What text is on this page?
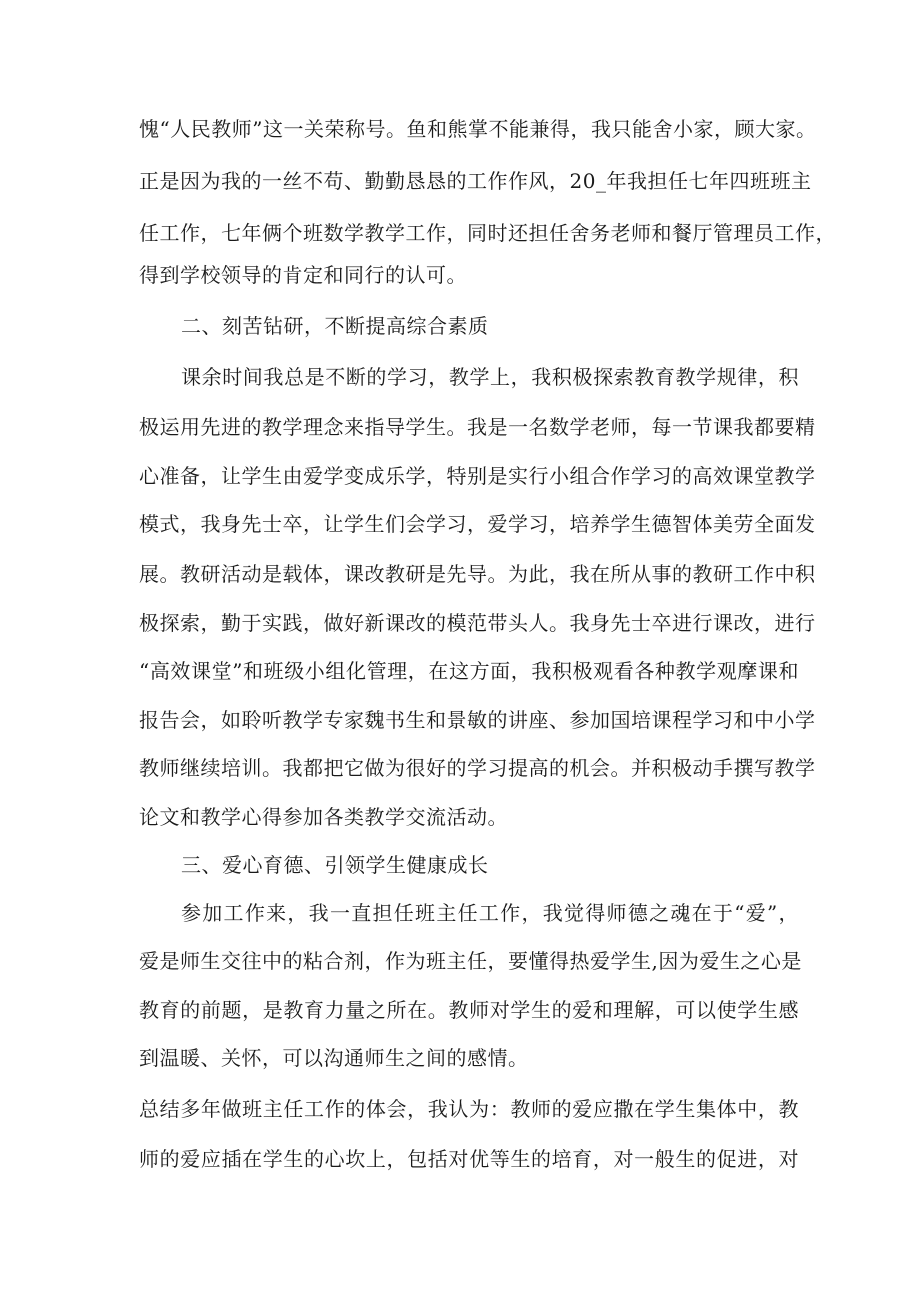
愧“人民教师”这一关荣称号。鱼和熊掌不能兼得，我只能舍小家，顾大家。
正是因为我的一丝不苟、勤勤恳恳的工作作风，20_年我担任七年四班班主
任工作，七年俩个班数学教学工作，同时还担任舍务老师和餐厅管理员工作，
得到学校领导的肯定和同行的认可。
二、刻苦钻研，不断提高综合素质
课余时间我总是不断的学习，教学上，我积极探索教育教学规律，积
极运用先进的教学理念来指导学生。我是一名数学老师，每一节课我都要精
心准备，让学生由爱学变成乐学，特别是实行小组合作学习的高效课堂教学
模式，我身先士卒，让学生们会学习，爱学习，培养学生德智体美劳全面发
展。教研活动是载体，课改教研是先导。为此，我在所从事的教研工作中积
极探索，勤于实践，做好新课改的模范带头人。我身先士卒进行课改，进行
“高效课堂”和班级小组化管理，在这方面，我积极观看各种教学观摩课和
报告会，如聆听教学专家魏书生和景敏的讲座、参加国培课程学习和中小学
教师继续培训。我都把它做为很好的学习提高的机会。并积极动手撰写教学
论文和教学心得参加各类教学交流活动。
三、爱心育德、引领学生健康成长
参加工作来，我一直担任班主任工作，我觉得师德之魂在于“爱”，
爱是师生交往中的粘合剂，作为班主任，要懂得热爱学生,因为爱生之心是
教育的前题，是教育力量之所在。教师对学生的爱和理解，可以使学生感
到温暖、关怀，可以沟通师生之间的感情。
总结多年做班主任工作的体会，我认为：教师的爱应撒在学生集体中，教
师的爱应插在学生的心坎上，包括对优等生的培育，对一般生的促进，对
